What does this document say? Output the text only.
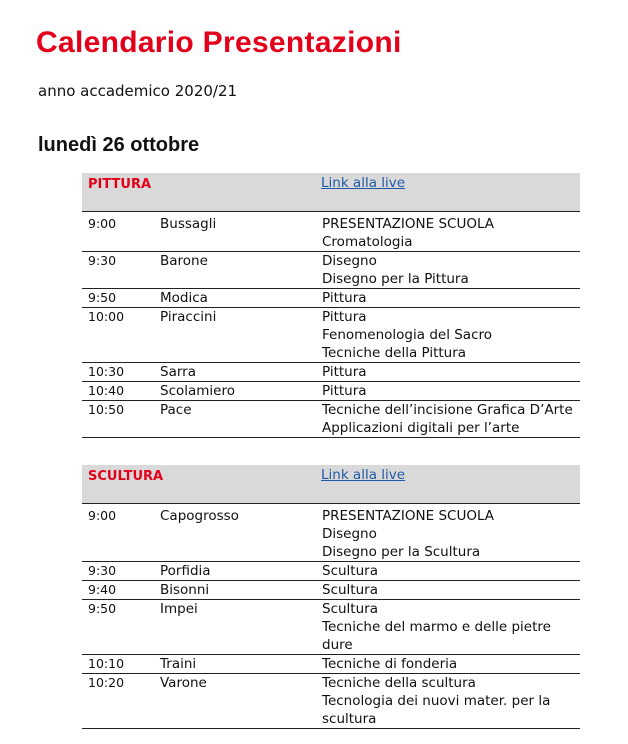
Calendario Presentazioni
anno accademico 2020/21
lunedì 26 ottobre
PITTURA	Link alla live
9:00	Bussagli	PRESENTAZIONE SCUOLA
Cromatologia
9:30	Barone	Disegno
Disegno per la Pittura
9:50	Modica	Pittura
10:00	Piraccini	Pittura
Fenomenologia del Sacro
Tecniche della Pittura
10:30	Sarra	Pittura
10:40	Scolamiero	Pittura
10:50	Pace	Tecniche dell’incisione Grafica D’Arte
Applicazioni digitali per l’arte
SCULTURA	Link alla live
9:00	Capogrosso	PRESENTAZIONE SCUOLA
Disegno
Disegno per la Scultura
9:30	Porfidia	Scultura
9:40	Bisonni	Scultura
9:50	Impei	Scultura
Tecniche del marmo e delle pietre
dure
10:10	Traini	Tecniche di fonderia
10:20	Varone	Tecniche della scultura
Tecnologia dei nuovi mater. per la
scultura
